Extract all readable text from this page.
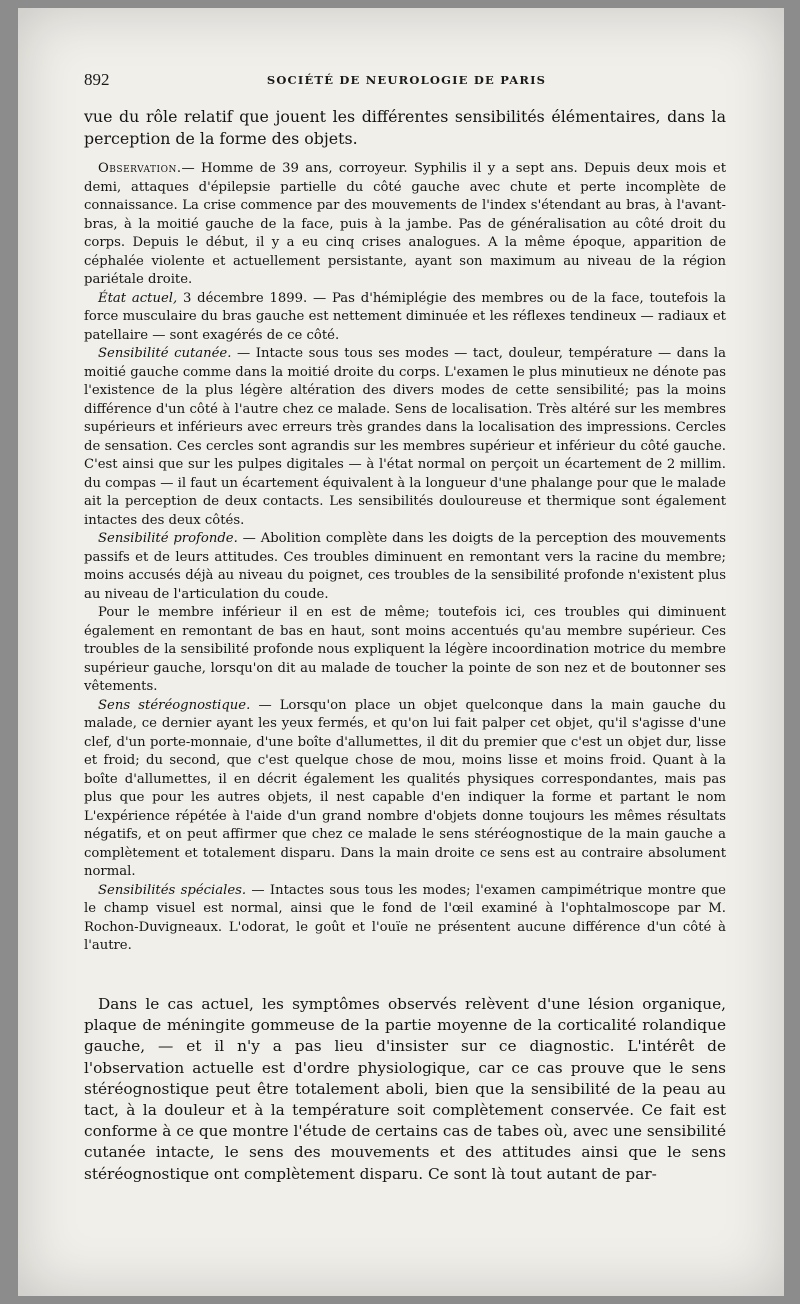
892	SOCIÉTÉ DE NEUROLOGIE DE PARIS

vue du rôle relatif que jouent les différentes sensibilités élémentaires, dans la perception de la forme des objets.

Observation.— Homme de 39 ans, corroyeur. Syphilis il y a sept ans. Depuis deux mois et demi, attaques d'épilepsie partielle du côté gauche avec chute et perte incomplète de connaissance. La crise commence par des mouvements de l'index s'étendant au bras, à l'avant-bras, à la moitié gauche de la face, puis à la jambe. Pas de généralisation au côté droit du corps. Depuis le début, il y a eu cinq crises analogues. A la même époque, apparition de céphalée violente et actuellement persistante, ayant son maximum au niveau de la région pariétale droite.

État actuel, 3 décembre 1899. — Pas d'hémiplégie des membres ou de la face, toutefois la force musculaire du bras gauche est nettement diminuée et les réflexes tendineux — radiaux et patellaire — sont exagérés de ce côté.

Sensibilité cutanée. — Intacte sous tous ses modes — tact, douleur, température — dans la moitié gauche comme dans la moitié droite du corps. L'examen le plus minutieux ne dénote pas l'existence de la plus légère altération des divers modes de cette sensibilité; pas la moins différence d'un côté à l'autre chez ce malade. Sens de localisation. Très altéré sur les membres supérieurs et inférieurs avec erreurs très grandes dans la localisation des impressions. Cercles de sensation. Ces cercles sont agrandis sur les membres supérieur et inférieur du côté gauche. C'est ainsi que sur les pulpes digitales — à l'état normal on perçoit un écartement de 2 millim. du compas — il faut un écartement équivalent à la longueur d'une phalange pour que le malade ait la perception de deux contacts. Les sensibilités douloureuse et thermique sont également intactes des deux côtés.

Sensibilité profonde. — Abolition complète dans les doigts de la perception des mouvements passifs et de leurs attitudes. Ces troubles diminuent en remontant vers la racine du membre; moins accusés déjà au niveau du poignet, ces troubles de la sensibilité profonde n'existent plus au niveau de l'articulation du coude.

Pour le membre inférieur il en est de même; toutefois ici, ces troubles qui diminuent également en remontant de bas en haut, sont moins accentués qu'au membre supérieur. Ces troubles de la sensibilité profonde nous expliquent la légère incoordination motrice du membre supérieur gauche, lorsqu'on dit au malade de toucher la pointe de son nez et de boutonner ses vêtements.

Sens stéréognostique. — Lorsqu'on place un objet quelconque dans la main gauche du malade, ce dernier ayant les yeux fermés, et qu'on lui fait palper cet objet, qu'il s'agisse d'une clef, d'un porte-monnaie, d'une boîte d'allumettes, il dit du premier que c'est un objet dur, lisse et froid; du second, que c'est quelque chose de mou, moins lisse et moins froid. Quant à la boîte d'allumettes, il en décrit également les qualités physiques correspondantes, mais pas plus que pour les autres objets, il nest capable d'en indiquer la forme et partant le nom L'expérience répétée à l'aide d'un grand nombre d'objets donne toujours les mêmes résultats négatifs, et on peut affirmer que chez ce malade le sens stéréognostique de la main gauche a complètement et totalement disparu. Dans la main droite ce sens est au contraire absolument normal.

Sensibilités spéciales. — Intactes sous tous les modes; l'examen campimétrique montre que le champ visuel est normal, ainsi que le fond de l'œil examiné à l'ophtalmoscope par M. Rochon-Duvigneaux. L'odorat, le goût et l'ouïe ne présentent aucune différence d'un côté à l'autre.

Dans le cas actuel, les symptômes observés relèvent d'une lésion organique, plaque de méningite gommeuse de la partie moyenne de la corticalité rolandique gauche, — et il n'y a pas lieu d'insister sur ce diagnostic. L'intérêt de l'observation actuelle est d'ordre physiologique, car ce cas prouve que le sens stéréognostique peut être totalement aboli, bien que la sensibilité de la peau au tact, à la douleur et à la température soit complètement conservée. Ce fait est conforme à ce que montre l'étude de certains cas de tabes où, avec une sensibilité cutanée intacte, le sens des mouvements et des attitudes ainsi que le sens stéréognostique ont complètement disparu. Ce sont là tout autant de par-
